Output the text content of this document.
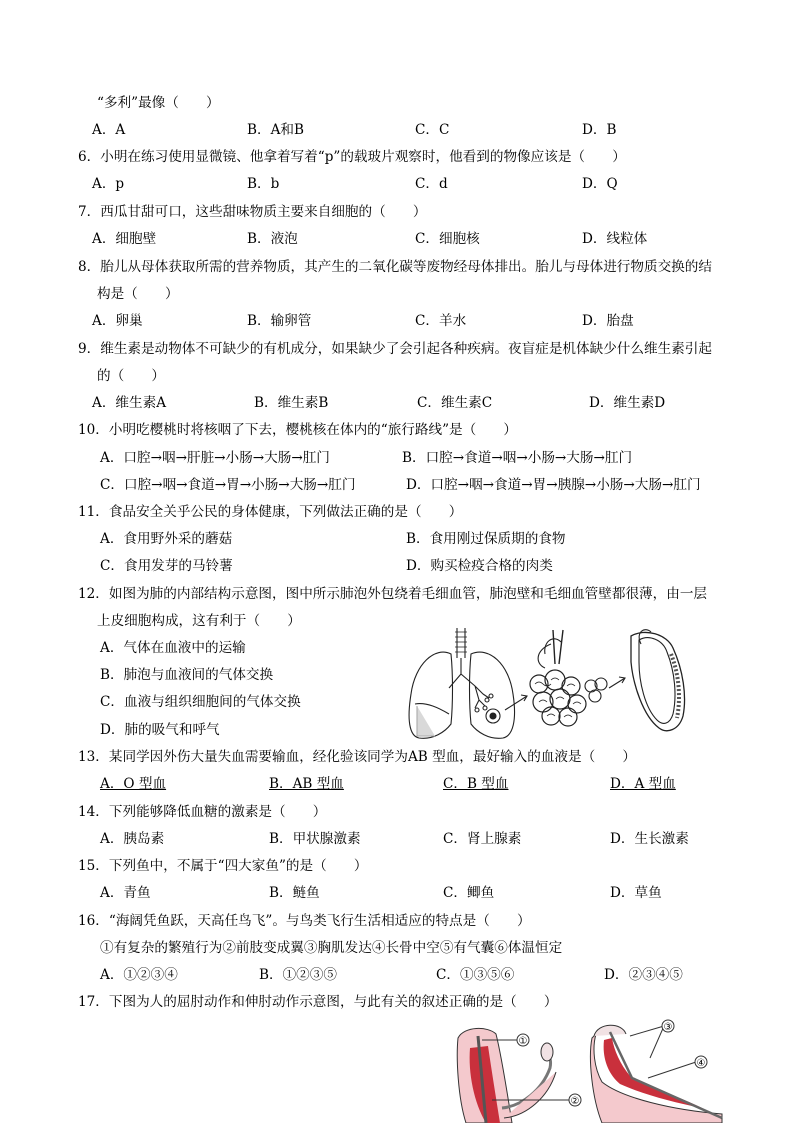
“多利”最像（　　）
A．A	B．A和B	C．C	D．B
6．小明在练习使用显微镜、他拿着写着“p”的载玻片观察时，他看到的物像应该是（　　）
A．p	B．b	C．d	D．Q
7．西瓜甘甜可口，这些甜味物质主要来自细胞的（　　）
A．细胞壁	B．液泡	C．细胞核	D．线粒体
8．胎儿从母体获取所需的营养物质，其产生的二氧化碳等废物经母体排出。胎儿与母体进行物质交换的结
构是（　　）
A．卵巢	B．输卵管	C．羊水	D．胎盘
9．维生素是动物体不可缺少的有机成分，如果缺少了会引起各种疾病。夜盲症是机体缺少什么维生素引起
的（　　）
A．维生素A	B．维生素B	C．维生素C	D．维生素D
10．小明吃樱桃时将核咽了下去，樱桃核在体内的“旅行路线”是（　　）
A．口腔→咽→肝脏→小肠→大肠→肛门	B．口腔→食道→咽→小肠→大肠→肛门
C．口腔→咽→食道→胃→小肠→大肠→肛门	D．口腔→咽→食道→胃→胰腺→小肠→大肠→肛门
11．食品安全关乎公民的身体健康，下列做法正确的是（　　）
A．食用野外采的蘑菇	B．食用刚过保质期的食物
C．食用发芽的马铃薯	D．购买检疫合格的肉类
12．如图为肺的内部结构示意图，图中所示肺泡外包绕着毛细血管，肺泡壁和毛细血管壁都很薄，由一层
上皮细胞构成，这有利于（　　）
A．气体在血液中的运输
B．肺泡与血液间的气体交换
C．血液与组织细胞间的气体交换
D．肺的吸气和呼气
13．某同学因外伤大量失血需要输血，经化验该同学为AB 型血，最好输入的血液是（　　）
A．O 型血	B．AB 型血	C．B 型血	D．A 型血
14．下列能够降低血糖的激素是（　　）
A．胰岛素	B．甲状腺激素	C．肾上腺素	D．生长激素
15．下列鱼中，不属于“四大家鱼”的是（　　）
A．青鱼	B．鲢鱼	C．鲫鱼	D．草鱼
16．“海阔凭鱼跃，天高任鸟飞”。与鸟类飞行生活相适应的特点是（　　）
①有复杂的繁殖行为②前肢变成翼③胸肌发达④长骨中空⑤有气囊⑥体温恒定
A．①②③④	B．①②③⑤	C．①③⑤⑥	D．②③④⑤
17．下图为人的屈肘动作和伸肘动作示意图，与此有关的叙述正确的是（　　）
①
②
③
④
